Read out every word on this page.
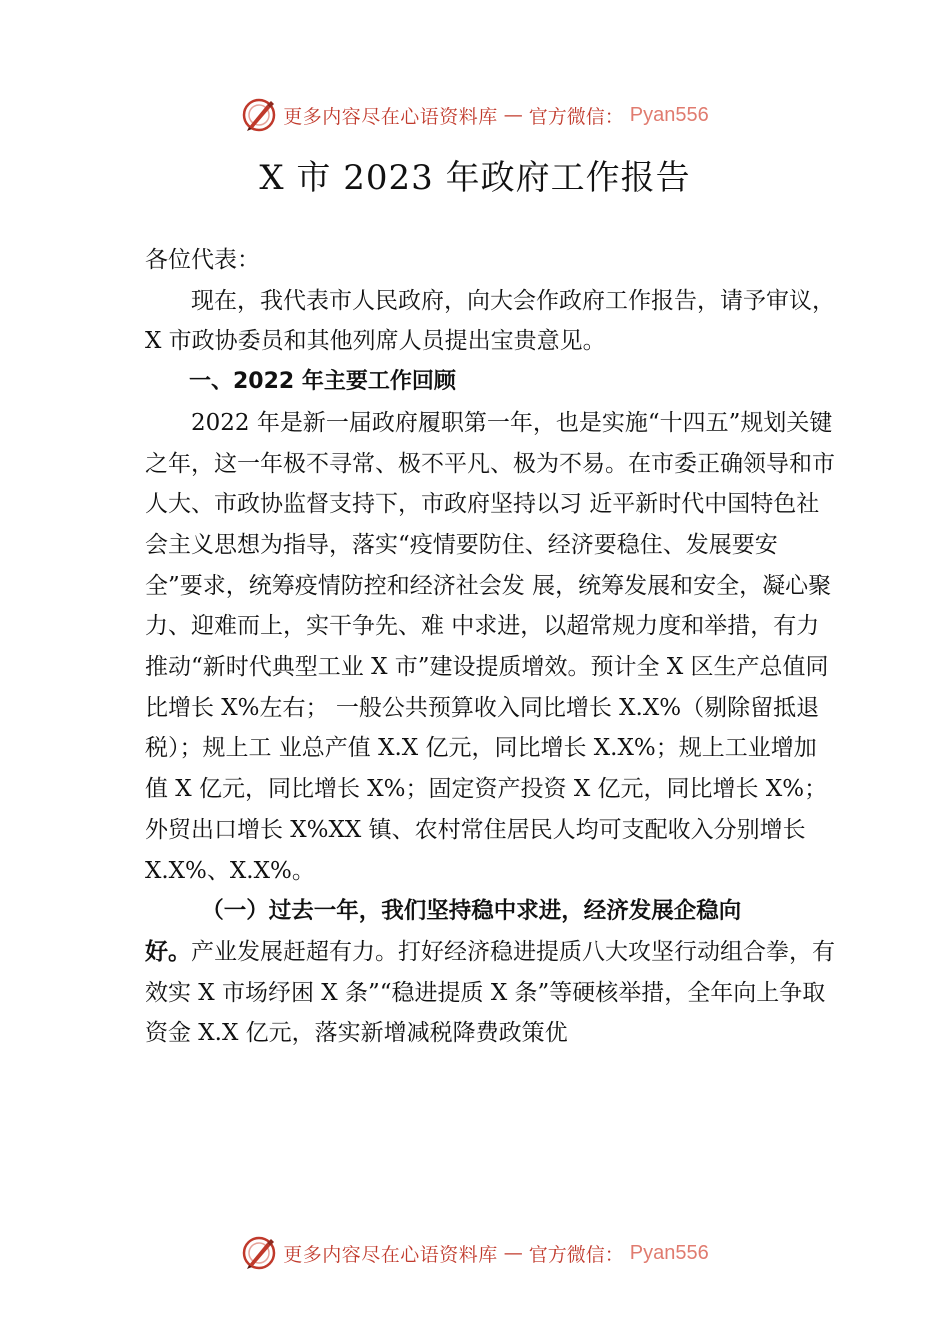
更多内容尽在心语资料库 — 官方微信： Pyan556
X 市 2023 年政府工作报告

各位代表：

现在，我代表市人民政府，向大会作政府工作报告，请予审议，X 市政协委员和其他列席人员提出宝贵意见。

一、2022 年主要工作回顾

2022 年是新一届政府履职第一年，也是实施“十四五”规划关键之年，这一年极不寻常、极不平凡、极为不易。在市委正确领导和市人大、市政协监督支持下，市政府坚持以习 近平新时代中国特色社会主义思想为指导，落实“疫情要防住、经济要稳住、发展要安全”要求，统筹疫情防控和经济社会发 展，统筹发展和安全，凝心聚力、迎难而上，实干争先、难 中求进，以超常规力度和举措，有力推动“新时代典型工业 X 市”建设提质增效。预计全 X 区生产总值同比增长 X%左右； 一般公共预算收入同比增长 X.X%（剔除留抵退税）；规上工 业总产值 X.X 亿元，同比增长 X.X%；规上工业增加值 X 亿元，同比增长 X%；固定资产投资 X 亿元，同比增长 X%； 外贸出口增长 X%XX 镇、农村常住居民人均可支配收入分别增长 X.X%、X.X%。

（一）过去一年，我们坚持稳中求进，经济发展企稳向

好。产业发展赶超有力。打好经济稳进提质八大攻坚行动组合拳，有效实 X 市场纾困 X 条”“稳进提质 X 条”等硬核举措，全年向上争取资金 X.X 亿元，落实新增减税降费政策优

更多内容尽在心语资料库 — 官方微信： Pyan556
